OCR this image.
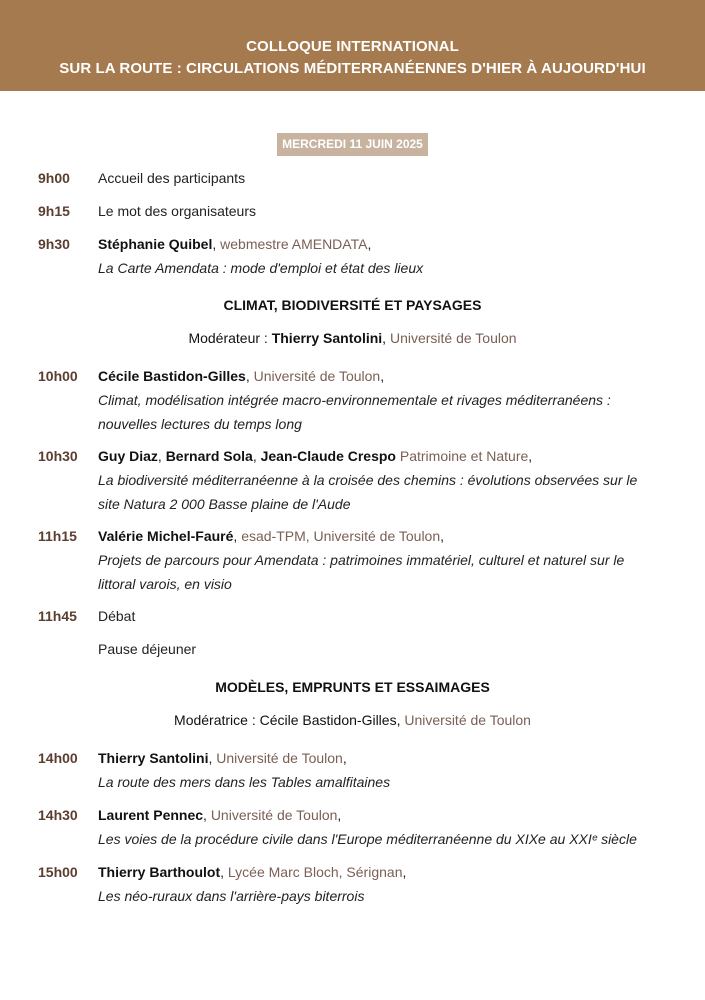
COLLOQUE INTERNATIONAL
SUR LA ROUTE : CIRCULATIONS MÉDITERRANÉENNES D'HIER À AUJOURD'HUI
MERCREDI 11 JUIN 2025
9h00	Accueil des participants
9h15	Le mot des organisateurs
9h30	Stéphanie Quibel, webmestre AMENDATA,
La Carte Amendata : mode d'emploi et état des lieux
CLIMAT, BIODIVERSITÉ ET PAYSAGES
Modérateur : Thierry Santolini, Université de Toulon
10h00	Cécile Bastidon-Gilles, Université de Toulon,
Climat, modélisation intégrée macro-environnementale et rivages méditerranéens :
nouvelles lectures du temps long
10h30	Guy Diaz, Bernard Sola, Jean-Claude Crespo Patrimoine et Nature,
La biodiversité méditerranéenne à la croisée des chemins : évolutions observées sur le
site Natura 2 000 Basse plaine de l'Aude
11h15	Valérie Michel-Fauré, esad-TPM, Université de Toulon,
Projets de parcours pour Amendata : patrimoines immatériel, culturel et naturel sur le
littoral varois, en visio
11h45	Débat
Pause déjeuner
MODÈLES, EMPRUNTS ET ESSAIMAGES
Modératrice : Cécile Bastidon-Gilles, Université de Toulon
14h00	Thierry Santolini, Université de Toulon,
La route des mers dans les Tables amalfitaines
14h30	Laurent Pennec, Université de Toulon,
Les voies de la procédure civile dans l'Europe méditerranéenne du XIXe au XXIᵉ siècle
15h00	Thierry Barthoulot, Lycée Marc Bloch, Sérignan,
Les néo-ruraux dans l'arrière-pays biterrois
